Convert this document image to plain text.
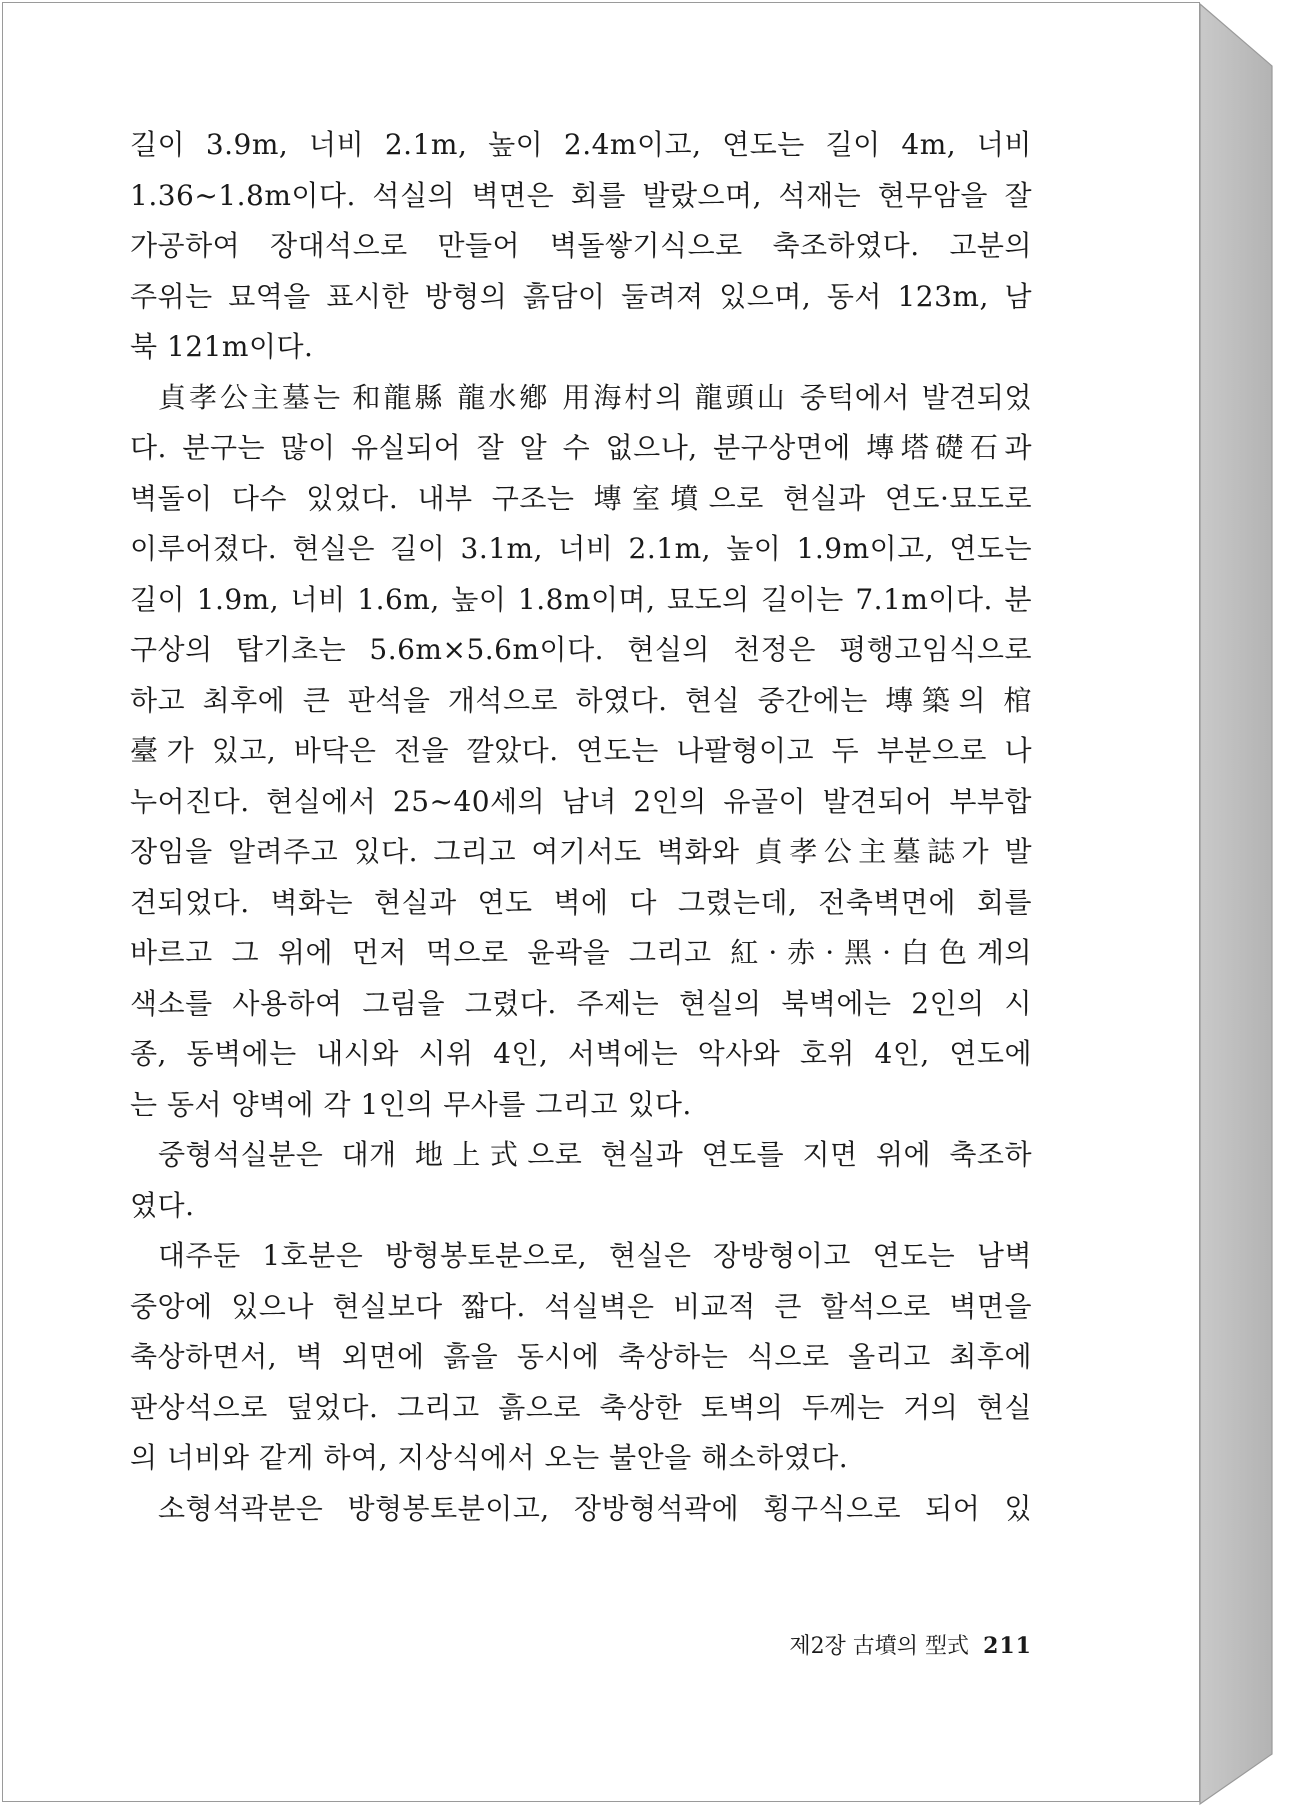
길이 3.9m, 너비 2.1m, 높이 2.4m이고, 연도는 길이 4m, 너비
1.36~1.8m이다. 석실의 벽면은 회를 발랐으며, 석재는 현무암을 잘
가공하여 장대석으로 만들어 벽돌쌓기식으로 축조하였다. 고분의
주위는 묘역을 표시한 방형의 흙담이 둘려져 있으며, 동서 123m, 남
북 121m이다.
貞孝公主墓는 和龍縣 龍水鄕 用海村의 龍頭山 중턱에서 발견되었
다. 분구는 많이 유실되어 잘 알 수 없으나, 분구상면에 塼塔礎石과
벽돌이 다수 있었다. 내부 구조는 塼室墳으로 현실과 연도·묘도로
이루어졌다. 현실은 길이 3.1m, 너비 2.1m, 높이 1.9m이고, 연도는
길이 1.9m, 너비 1.6m, 높이 1.8m이며, 묘도의 길이는 7.1m이다. 분
구상의 탑기초는 5.6m×5.6m이다. 현실의 천정은 평행고임식으로
하고 최후에 큰 판석을 개석으로 하였다. 현실 중간에는 塼築의 棺
臺가 있고, 바닥은 전을 깔았다. 연도는 나팔형이고 두 부분으로 나
누어진다. 현실에서 25~40세의 남녀 2인의 유골이 발견되어 부부합
장임을 알려주고 있다. 그리고 여기서도 벽화와 貞孝公主墓誌가 발
견되었다. 벽화는 현실과 연도 벽에 다 그렸는데, 전축벽면에 회를
바르고 그 위에 먼저 먹으로 윤곽을 그리고 紅·赤·黑·白色계의
색소를 사용하여 그림을 그렸다. 주제는 현실의 북벽에는 2인의 시
종, 동벽에는 내시와 시위 4인, 서벽에는 악사와 호위 4인, 연도에
는 동서 양벽에 각 1인의 무사를 그리고 있다.
중형석실분은 대개 地上式으로 현실과 연도를 지면 위에 축조하
였다.
대주둔 1호분은 방형봉토분으로, 현실은 장방형이고 연도는 남벽
중앙에 있으나 현실보다 짧다. 석실벽은 비교적 큰 할석으로 벽면을
축상하면서, 벽 외면에 흙을 동시에 축상하는 식으로 올리고 최후에
판상석으로 덮었다. 그리고 흙으로 축상한 토벽의 두께는 거의 현실
의 너비와 같게 하여, 지상식에서 오는 불안을 해소하였다.
소형석곽분은 방형봉토분이고, 장방형석곽에 횡구식으로 되어 있
제2장 古墳의 型式 211
